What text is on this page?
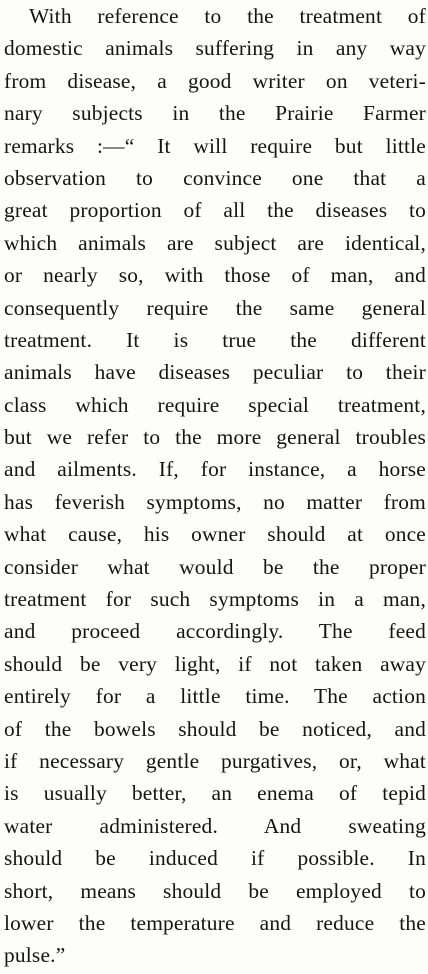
With reference to the treatment of
domestic animals suffering in any way
from disease, a good writer on veteri-
nary subjects in the Prairie Farmer
remarks :—“ It will require but little
observation to convince one that a
great proportion of all the diseases to
which animals are subject are identical,
or nearly so, with those of man, and
consequently require the same general
treatment. It is true the different
animals have diseases peculiar to their
class which require special treatment,
but we refer to the more general troubles
and ailments. If, for instance, a horse
has feverish symptoms, no matter from
what cause, his owner should at once
consider what would be the proper
treatment for such symptoms in a man,
and proceed accordingly. The feed
should be very light, if not taken away
entirely for a little time. The action
of the bowels should be noticed, and
if necessary gentle purgatives, or, what
is usually better, an enema of tepid
water administered. And sweating
should be induced if possible. In
short, means should be employed to
lower the temperature and reduce the
pulse.”
